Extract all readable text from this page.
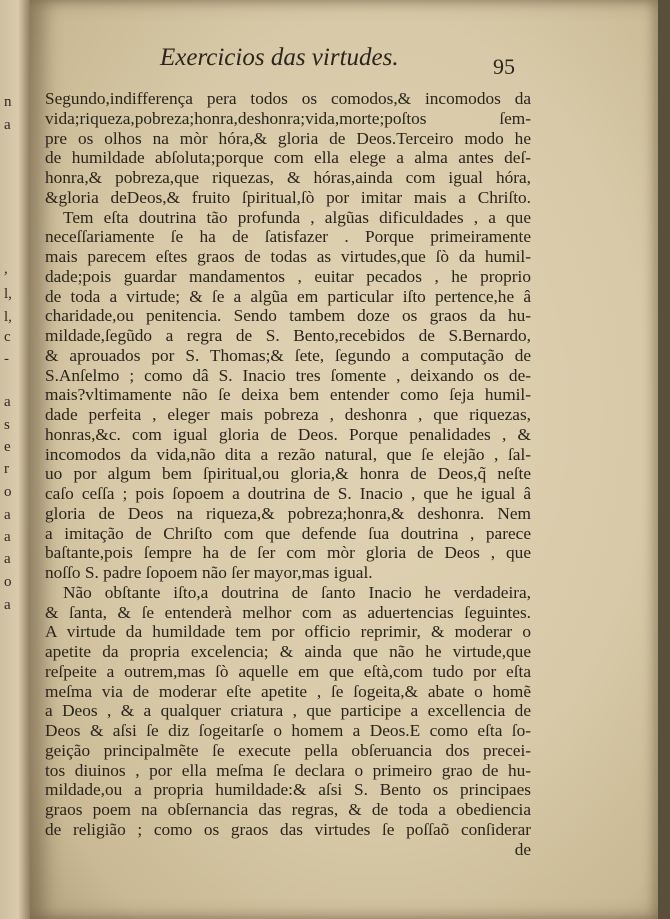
n
a
,
l,
l,
c
-
a
s
e
r
o
a
a
a
o
a
Exercicios das virtudes.	95
Segundo,indifferença pera todos os comodos,& incomodos da
vida;riqueza,pobreza;honra,deshonra;vida,morte;poſtos ſem-
pre os olhos na mòr hóra,& gloria de Deos.Terceiro modo he
de humildade abſoluta;porque com ella elege a alma antes deſ-
honra,& pobreza,que riquezas, & hóras,ainda com igual hóra,
&gloria deDeos,& fruito ſpiritual,ſò por imitar mais a Chriſto.
Tem eſta doutrina tão profunda , algũas dificuldades , a que
neceſſariamente ſe ha de ſatisfazer . Porque primeiramente
mais parecem eſtes graos de todas as virtudes,que ſò da humil-
dade;pois guardar mandamentos , euitar pecados , he proprio
de toda a virtude; & ſe a algũa em particular iſto pertence,he â
charidade,ou penitencia. Sendo tambem doze os graos da hu-
mildade,ſegũdo a regra de S. Bento,recebidos de S.Bernardo,
& aprouados por S. Thomas;& ſete, ſegundo a computação de
S.Anſelmo ; como dâ S. Inacio tres ſomente , deixando os de-
mais?vltimamente não ſe deixa bem entender como ſeja humil-
dade perfeita , eleger mais pobreza , deshonra , que riquezas,
honras,&c. com igual gloria de Deos. Porque penalidades , &
incomodos da vida,não dita a rezão natural, que ſe elejão , ſal-
uo por algum bem ſpiritual,ou gloria,& honra de Deos,q̃ neſte
caſo ceſſa ; pois ſopoem a doutrina de S. Inacio , que he igual â
gloria de Deos na riqueza,& pobreza;honra,& deshonra. Nem
a imitação de Chriſto com que defende ſua doutrina , parece
baſtante,pois ſempre ha de ſer com mòr gloria de Deos , que
noſſo S. padre ſopoem não ſer mayor,mas igual.
Não obſtante iſto,a doutrina de ſanto Inacio he verdadeira,
& ſanta, & ſe entenderà melhor com as aduertencias ſeguintes.
A virtude da humildade tem por officio reprimir, & moderar o
apetite da propria excelencia; & ainda que não he virtude,que
reſpeite a outrem,mas ſò aquelle em que eſtà,com tudo por eſta
meſma via de moderar eſte apetite , ſe ſogeita,& abate o homẽ
a Deos , & a qualquer criatura , que participe a excellencia de
Deos & aſsi ſe diz ſogeitarſe o homem a Deos.E como eſta ſo-
geição principalmẽte ſe execute pella obſeruancia dos precei-
tos diuinos , por ella meſma ſe declara o primeiro grao de hu-
mildade,ou a propria humildade:& aſsi S. Bento os principaes
graos poem na obſernancia das regras, & de toda a obediencia
de religião ; como os graos das virtudes ſe poſſaõ conſiderar
de
